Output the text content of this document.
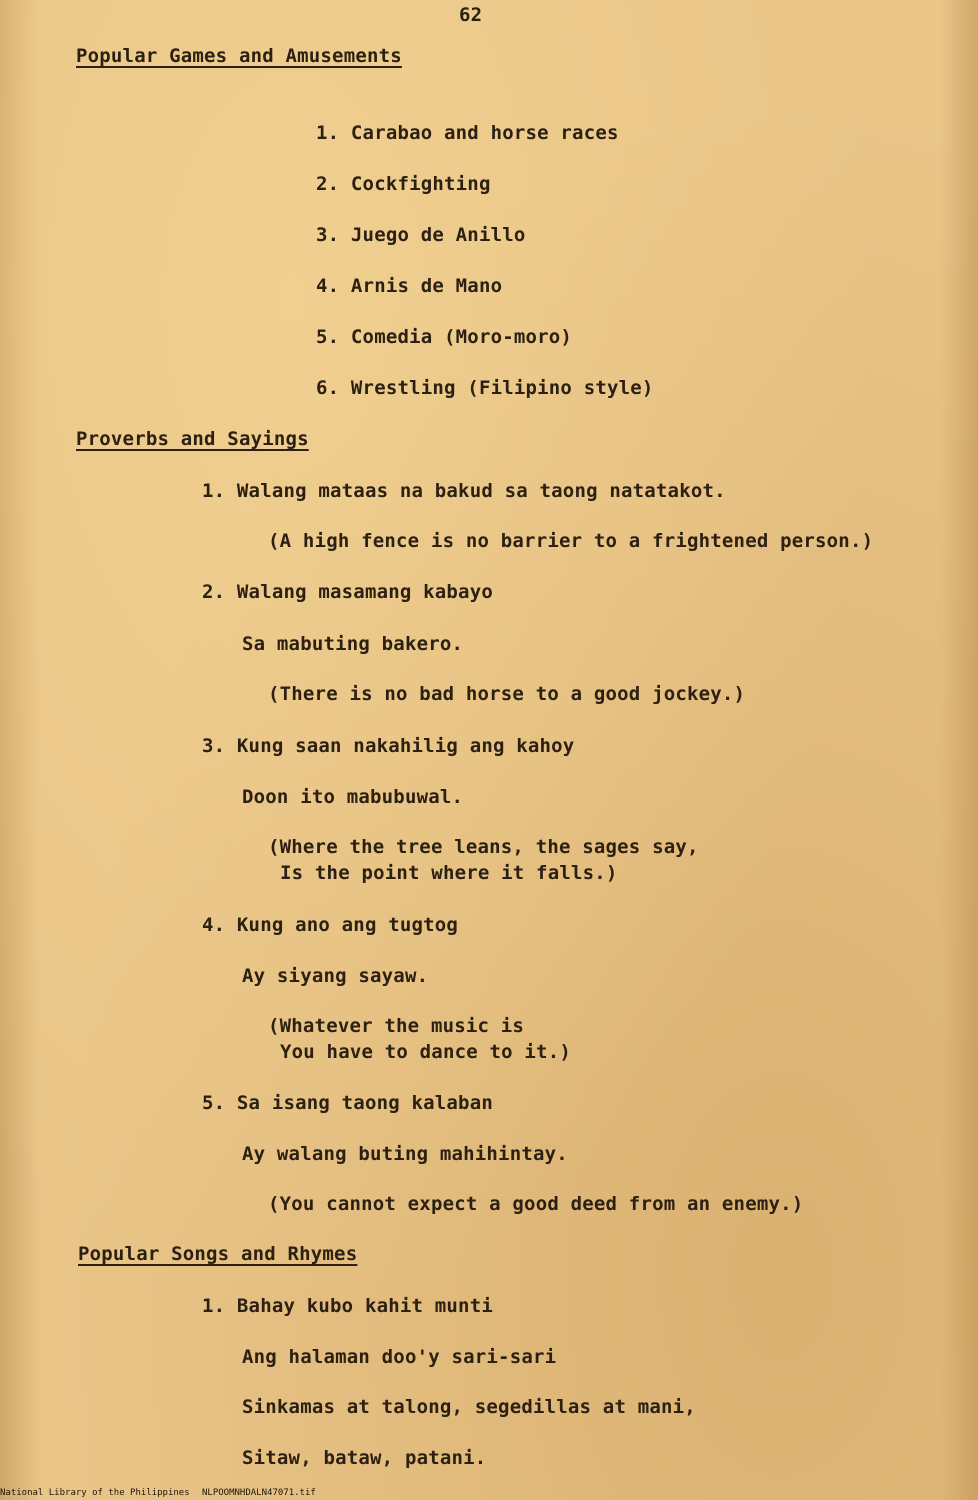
62
Popular Games and Amusements
1. Carabao and horse races
2. Cockfighting
3. Juego de Anillo
4. Arnis de Mano
5. Comedia (Moro-moro)
6. Wrestling (Filipino style)
Proverbs and Sayings
1. Walang mataas na bakud sa taong natatakot.
(A high fence is no barrier to a frightened person.)
2. Walang masamang kabayo
Sa mabuting bakero.
(There is no bad horse to a good jockey.)
3. Kung saan nakahilig ang kahoy
Doon ito mabubuwal.
(Where the tree leans, the sages say,
Is the point where it falls.)
4. Kung ano ang tugtog
Ay siyang sayaw.
(Whatever the music is
You have to dance to it.)
5. Sa isang taong kalaban
Ay walang buting mahihintay.
(You cannot expect a good deed from an enemy.)
Popular Songs and Rhymes
1. Bahay kubo kahit munti
Ang halaman doo'y sari-sari
Sinkamas at talong, segedillas at mani,
Sitaw, bataw, patani.
National Library of the Philippines NLPOOMNHDALN47071.tif
